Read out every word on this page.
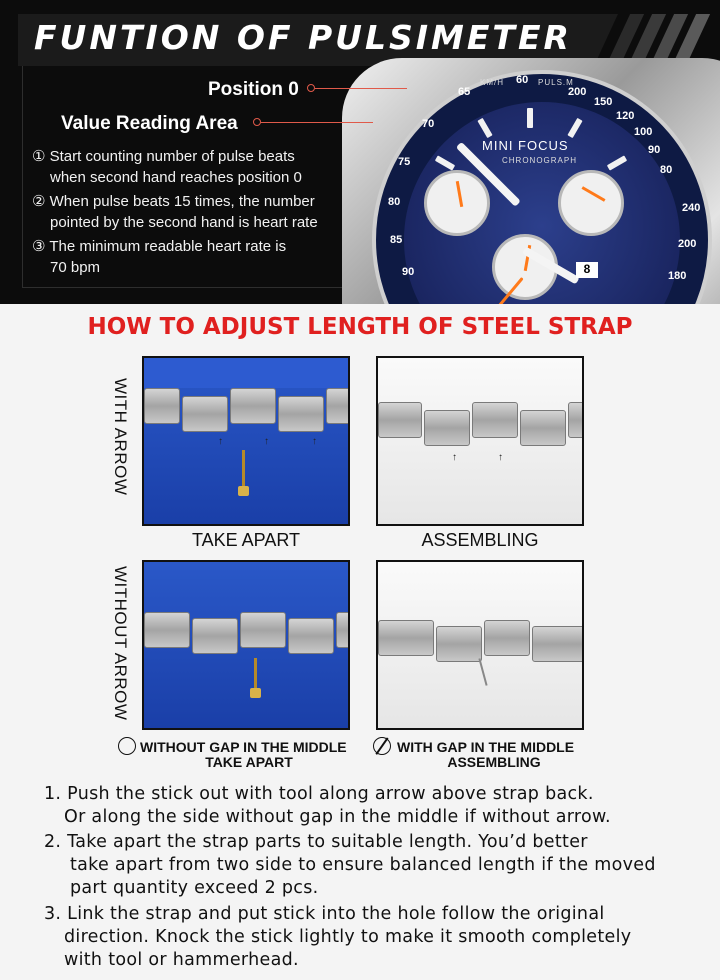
FUNTION OF PULSIMETER
65
70
75
80
85
90
60
200
150
120
100
90
80
240
200
180
KM/H	PULS.M
MINI FOCUS
CHRONOGRAPH
8
Position 0
Value Reading Area
① Start counting number of pulse beats
when second hand reaches position 0
② When pulse beats 15 times, the number
pointed by the second hand is heart rate
③ The minimum readable heart rate is
70 bpm
HOW TO ADJUST LENGTH OF STEEL STRAP
WITH ARROW
WITHOUT ARROW
↑	↑	↑
↑	↑
TAKE APART	ASSEMBLING
WITHOUT GAP IN THE MIDDLE
TAKE APART
WITH GAP IN THE MIDDLE
ASSEMBLING
1. Push the stick out with tool along arrow above strap back.
Or along the side without gap in the middle if without arrow.
2. Take apart the strap parts to suitable length. You’d better
take apart from two side to ensure balanced length if the moved
part quantity exceed 2 pcs.
3. Link the strap and put stick into the hole follow the original
direction. Knock the stick lightly to make it smooth completely
with tool or hammerhead.
